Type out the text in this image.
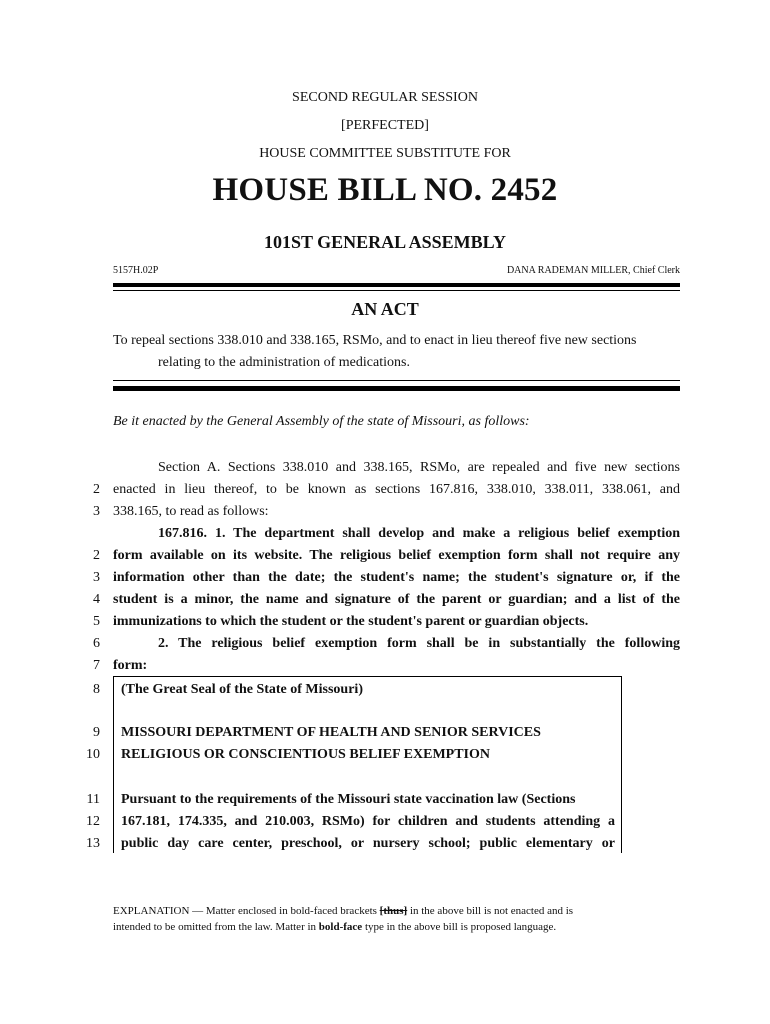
SECOND REGULAR SESSION
[PERFECTED]
HOUSE COMMITTEE SUBSTITUTE FOR
HOUSE BILL NO. 2452
101ST GENERAL ASSEMBLY
5157H.02P	DANA RADEMAN MILLER, Chief Clerk
AN ACT
To repeal sections 338.010 and 338.165, RSMo, and to enact in lieu thereof five new sections
relating to the administration of medications.
Be it enacted by the General Assembly of the state of Missouri, as follows:
Section A. Sections 338.010 and 338.165, RSMo, are repealed and five new sections
2 enacted in lieu thereof, to be known as sections 167.816, 338.010, 338.011, 338.061, and
3 338.165, to read as follows:
167.816. 1. The department shall develop and make a religious belief exemption
2 form available on its website. The religious belief exemption form shall not require any
3 information other than the date; the student's name; the student's signature or, if the
4 student is a minor, the name and signature of the parent or guardian; and a list of the
5 immunizations to which the student or the student's parent or guardian objects.
6	2. The religious belief exemption form shall be in substantially the following
7 form:
8 (The Great Seal of the State of Missouri)
9 MISSOURI DEPARTMENT OF HEALTH AND SENIOR SERVICES
10 RELIGIOUS OR CONSCIENTIOUS BELIEF EXEMPTION
11 Pursuant to the requirements of the Missouri state vaccination law (Sections
12 167.181, 174.335, and 210.003, RSMo) for children and students attending a
13 public day care center, preschool, or nursery school; public elementary or
EXPLANATION — Matter enclosed in bold-faced brackets [thus] in the above bill is not enacted and is
intended to be omitted from the law. Matter in bold-face type in the above bill is proposed language.
